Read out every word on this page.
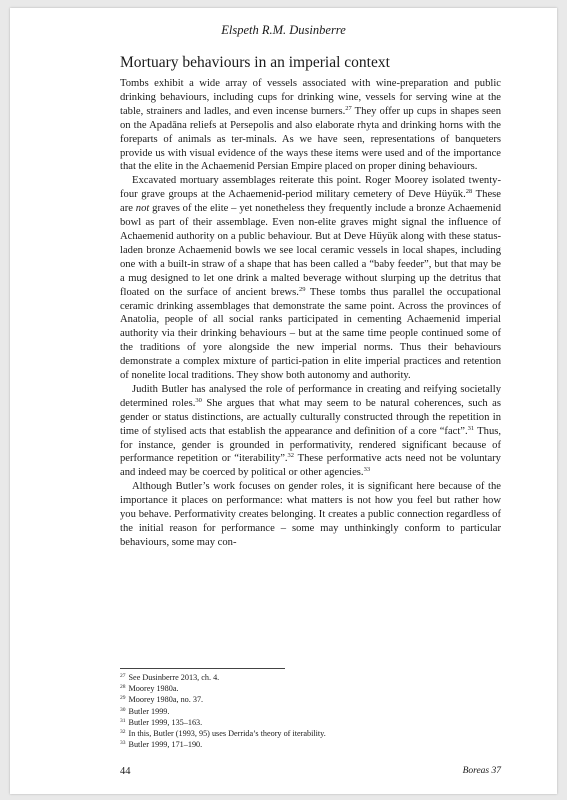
Elspeth R.M. Dusinberre
Mortuary behaviours in an imperial context

Tombs exhibit a wide array of vessels associated with wine-preparation and public drinking behaviours, including cups for drinking wine, vessels for serving wine at the table, strainers and ladles, and even incense burners.$^{27}$ They offer up cups in shapes seen on the Apadāna reliefs at Persepolis and also elaborate rhyta and drinking horns with the foreparts of animals as ter-minals. As we have seen, representations of banqueters provide us with visual evidence of the ways these items were used and of the importance that the elite in the Achaemenid Persian Empire placed on proper dining behaviours.

Excavated mortuary assemblages reiterate this point. Roger Moorey isolated twenty-four grave groups at the Achaemenid-period military cemetery of Deve Hüyük.$^{28}$ These are not graves of the elite – yet nonetheless they frequently include a bronze Achaemenid bowl as part of their assemblage. Even non-elite graves might signal the influence of Achaemenid authority on a public behaviour. But at Deve Hüyük along with these status-laden bronze Achaemenid bowls we see local ceramic vessels in local shapes, including one with a built-in straw of a shape that has been called a “baby feeder”, but that may be a mug designed to let one drink a malted beverage without slurping up the detritus that floated on the surface of ancient brews.$^{29}$ These tombs thus parallel the occupational ceramic drinking assemblages that demonstrate the same point. Across the provinces of Anatolia, people of all social ranks participated in cementing Achaemenid imperial authority via their drinking behaviours – but at the same time people continued some of the traditions of yore alongside the new imperial norms. Thus their behaviours demonstrate a complex mixture of partici-pation in elite imperial practices and retention of nonelite local traditions. They show both autonomy and authority.

Judith Butler has analysed the role of performance in creating and reifying societally determined roles.$^{30}$ She argues that what may seem to be natural coherences, such as gender or status distinctions, are actually culturally constructed through the repetition in time of stylised acts that establish the appearance and definition of a core “fact”.$^{31}$ Thus, for instance, gender is grounded in performativity, rendered significant because of performance repetition or “iterability”.$^{32}$ These performative acts need not be voluntary and indeed may be coerced by political or other agencies.$^{33}$

Although Butler’s work focuses on gender roles, it is significant here because of the importance it places on performance: what matters is not how you feel but rather how you behave. Performativity creates belonging. It creates a public connection regardless of the initial reason for performance – some may unthinkingly conform to particular behaviours, some may con-

$^{27}$ See Dusinberre 2013, ch. 4.
$^{28}$ Moorey 1980a.
$^{29}$ Moorey 1980a, no. 37.
$^{30}$ Butler 1999.
$^{31}$ Butler 1999, 135–163.
$^{32}$ In this, Butler (1993, 95) uses Derrida’s theory of iterability.
$^{33}$ Butler 1999, 171–190.
44	Boreas 37
